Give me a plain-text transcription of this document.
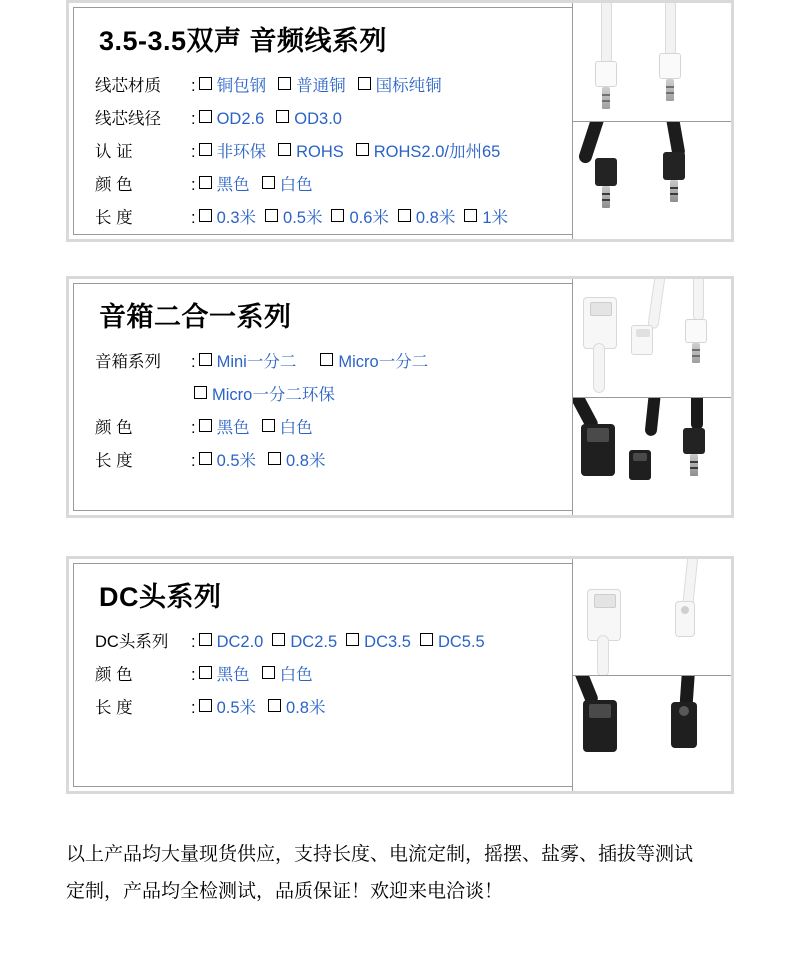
3.5-3.5双声 音频线系列
线芯材质	: 铜包钢 普通铜 国标纯铜
线芯线径	: OD2.6 OD3.0
认 证	: 非环保 ROHS ROHS2.0/加州65
颜 色	: 黑色 白色
长 度	: 0.3米 0.5米 0.6米 0.8米 1米
音箱二合一系列
音箱系列	: Mini一分二	Micro一分二
Micro一分二环保
颜 色	: 黑色 白色
长 度	: 0.5米 0.8米
DC头系列
DC头系列	: DC2.0 DC2.5 DC3.5 DC5.5
颜 色	: 黑色 白色
长 度	: 0.5米 0.8米
以上产品均大量现货供应，支持长度、电流定制，摇摆、盐雾、插拔等测试
定制，产品均全检测试，品质保证！欢迎来电洽谈！
